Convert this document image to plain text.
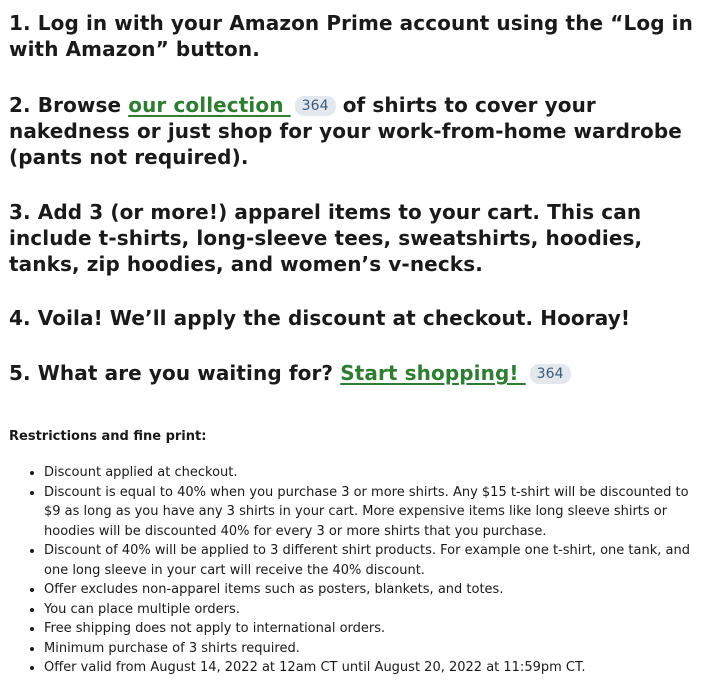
1. Log in with your Amazon Prime account using the “Log in with Amazon” button.

2. Browse our collection 364 of shirts to cover your nakedness or just shop for your work-from-home wardrobe (pants not required).

3. Add 3 (or more!) apparel items to your cart. This can include t-shirts, long-sleeve tees, sweatshirts, hoodies, tanks, zip hoodies, and women’s v-necks.

4. Voila! We’ll apply the discount at checkout. Hooray!

5. What are you waiting for? Start shopping! 364

Restrictions and fine print:

• Discount applied at checkout.
• Discount is equal to 40% when you purchase 3 or more shirts. Any $15 t-shirt will be discounted to $9 as long as you have any 3 shirts in your cart. More expensive items like long sleeve shirts or hoodies will be discounted 40% for every 3 or more shirts that you purchase.
• Discount of 40% will be applied to 3 different shirt products. For example one t-shirt, one tank, and one long sleeve in your cart will receive the 40% discount.
• Offer excludes non-apparel items such as posters, blankets, and totes.
• You can place multiple orders.
• Free shipping does not apply to international orders.
• Minimum purchase of 3 shirts required.
• Offer valid from August 14, 2022 at 12am CT until August 20, 2022 at 11:59pm CT.
